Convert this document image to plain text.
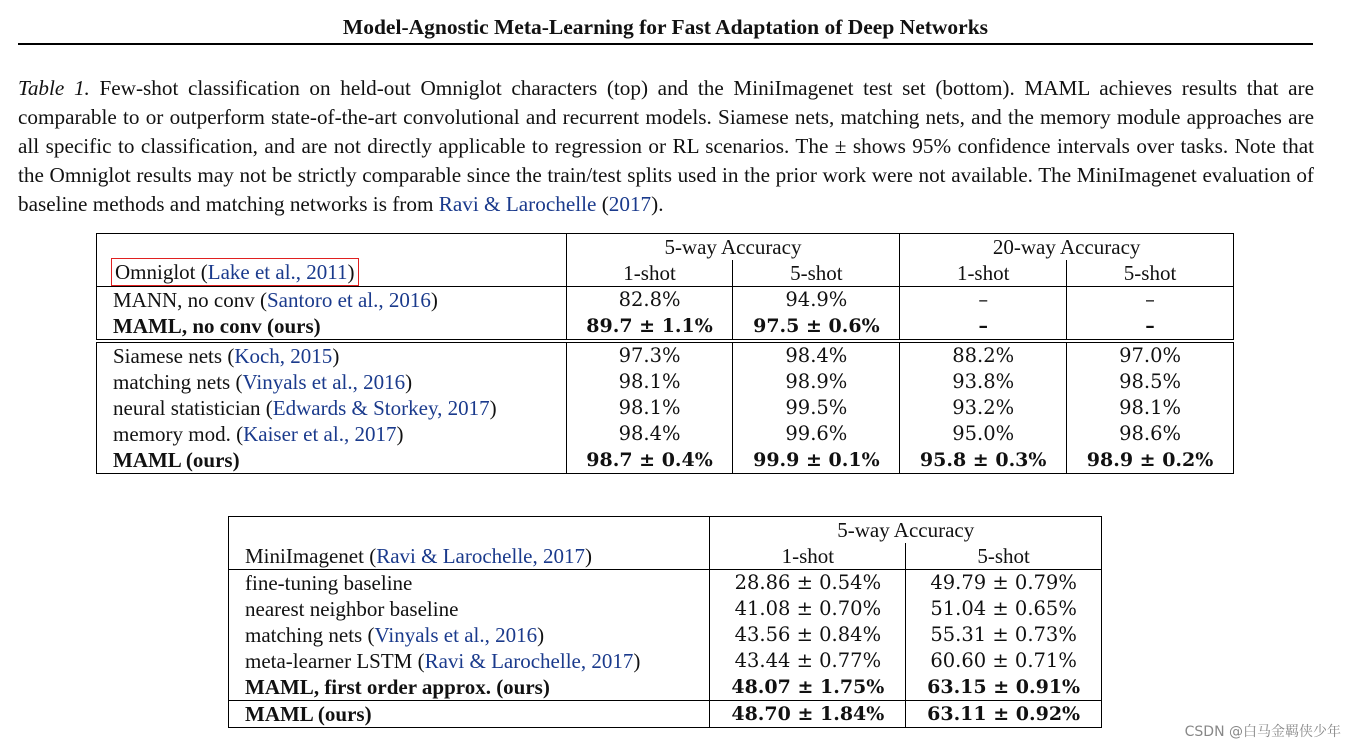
Model-Agnostic Meta-Learning for Fast Adaptation of Deep Networks
Table 1. Few-shot classification on held-out Omniglot characters (top) and the MiniImagenet test set (bottom). MAML achieves results that are comparable to or outperform state-of-the-art convolutional and recurrent models. Siamese nets, matching nets, and the memory module approaches are all specific to classification, and are not directly applicable to regression or RL scenarios. The ± shows 95% confidence intervals over tasks. Note that the Omniglot results may not be strictly comparable since the train/test splits used in the prior work were not available. The MiniImagenet evaluation of baseline methods and matching networks is from Ravi & Larochelle (2017).
Omniglot (Lake et al., 2011)	5-way Accuracy		20-way Accuracy	
	1-shot	5-shot	1-shot	5-shot
MANN, no conv (Santoro et al., 2016)	82.8%	94.9%	–	–
MAML, no conv (ours)	89.7 ± 1.1%	97.5 ± 0.6%	–	–
Siamese nets (Koch, 2015)	97.3%	98.4%	88.2%	97.0%
matching nets (Vinyals et al., 2016)	98.1%	98.9%	93.8%	98.5%
neural statistician (Edwards & Storkey, 2017)	98.1%	99.5%	93.2%	98.1%
memory mod. (Kaiser et al., 2017)	98.4%	99.6%	95.0%	98.6%
MAML (ours)	98.7 ± 0.4%	99.9 ± 0.1%	95.8 ± 0.3%	98.9 ± 0.2%
MiniImagenet (Ravi & Larochelle, 2017)	5-way Accuracy	
	1-shot	5-shot
fine-tuning baseline	28.86 ± 0.54%	49.79 ± 0.79%
nearest neighbor baseline	41.08 ± 0.70%	51.04 ± 0.65%
matching nets (Vinyals et al., 2016)	43.56 ± 0.84%	55.31 ± 0.73%
meta-learner LSTM (Ravi & Larochelle, 2017)	43.44 ± 0.77%	60.60 ± 0.71%
MAML, first order approx. (ours)	48.07 ± 1.75%	63.15 ± 0.91%
MAML (ours)	48.70 ± 1.84%	63.11 ± 0.92%
CSDN @白马金羁侠少年
